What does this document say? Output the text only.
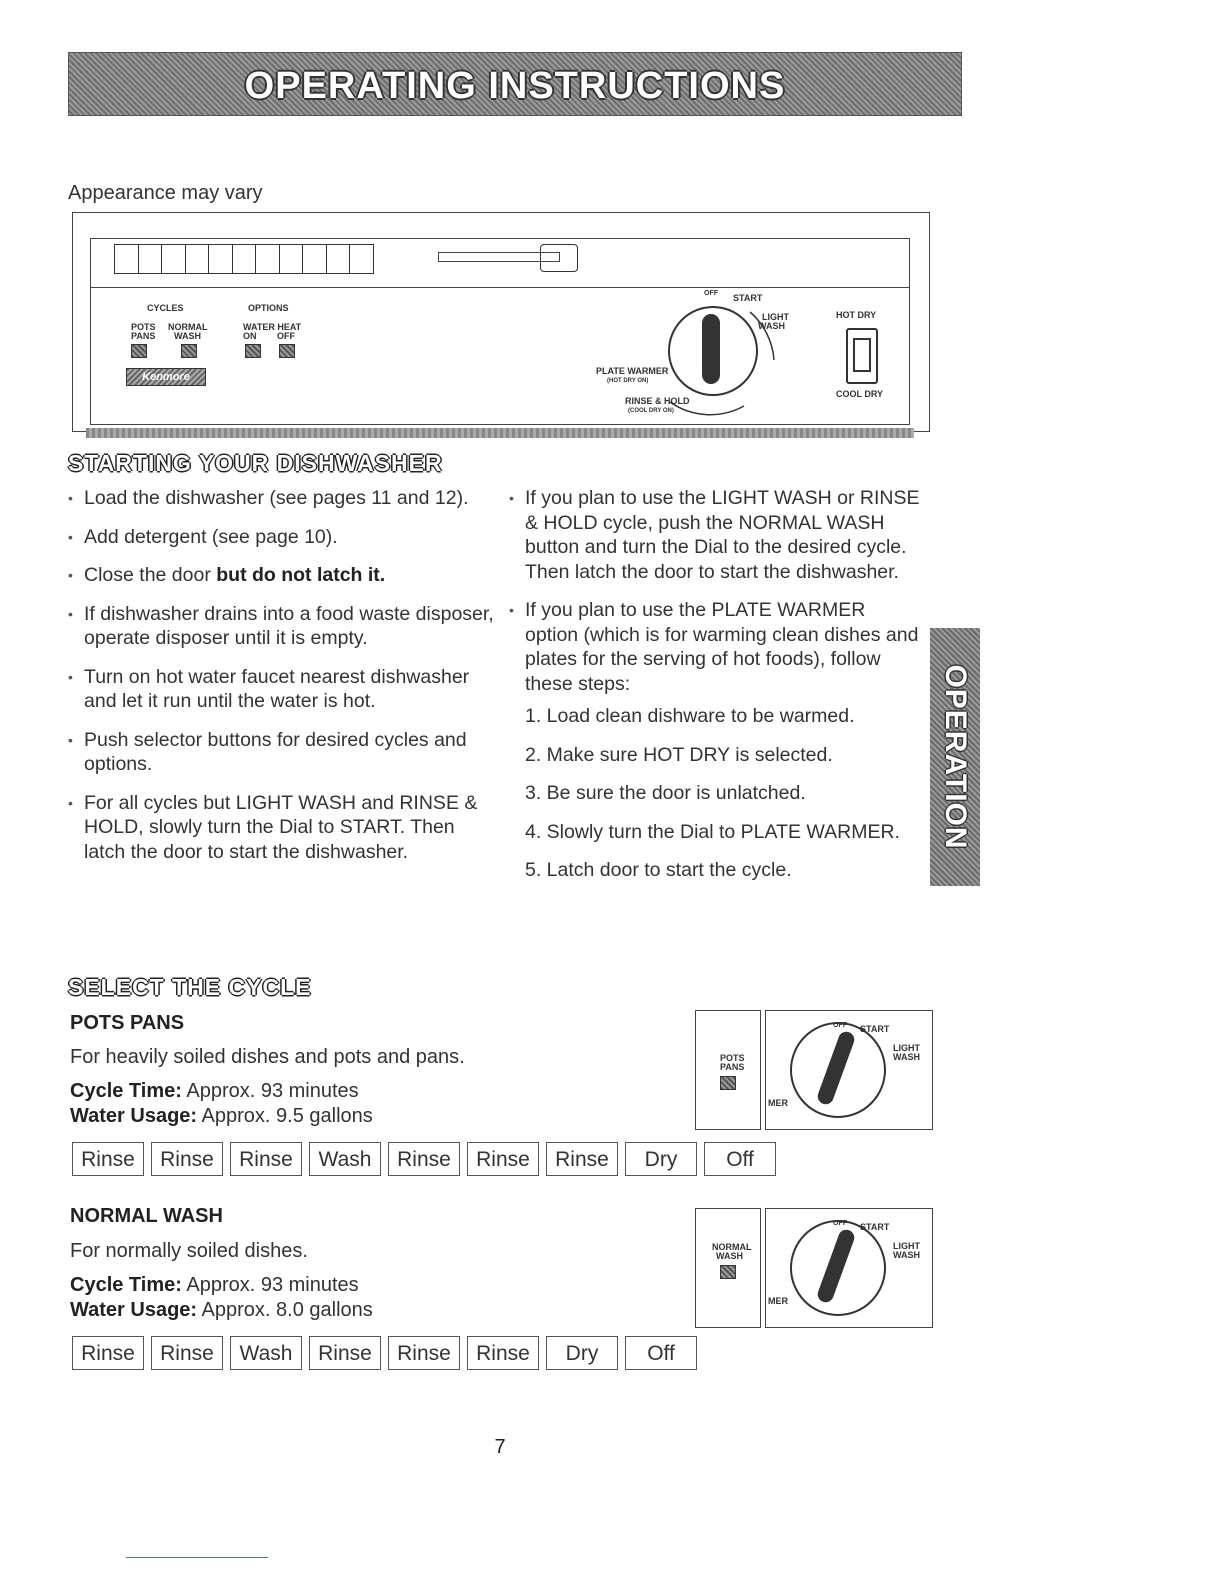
OPERATING INSTRUCTIONS
Appearance may vary
CYCLES	OPTIONS
POTS
PANS
NORMAL
WASH
WATER HEAT
ON OFF
Kenmore
OFF START
LIGHT
WASH
PLATE WARMER
(HOT DRY ON)
RINSE & HOLD
(COOL DRY ON)
HOT DRY
COOL DRY
STARTING YOUR DISHWASHER

• Load the dishwasher (see pages 11 and 12).

• Add detergent (see page 10).

• Close the door but do not latch it.

• If dishwasher drains into a food waste disposer, operate disposer until it is empty.

• Turn on hot water faucet nearest dishwasher and let it run until the water is hot.

• Push selector buttons for desired cycles and options.

• For all cycles but LIGHT WASH and RINSE & HOLD, slowly turn the Dial to START. Then latch the door to start the dishwasher.

• If you plan to use the LIGHT WASH or RINSE & HOLD cycle, push the NORMAL WASH button and turn the Dial to the desired cycle. Then latch the door to start the dishwasher.

• If you plan to use the PLATE WARMER option (which is for warming clean dishes and plates for the serving of hot foods), follow these steps:

1. Load clean dishware to be warmed.
2. Make sure HOT DRY is selected.
3. Be sure the door is unlatched.
4. Slowly turn the Dial to PLATE WARMER.
5. Latch door to start the cycle.
OPERATION
SELECT THE CYCLE
POTS PANS
For heavily soiled dishes and pots and pans.
Cycle Time: Approx. 93 minutes
Water Usage: Approx. 9.5 gallons
Rinse	Rinse	Rinse	Wash	Rinse	Rinse	Rinse	Dry	Off
POTS
PANS
OFF START
LIGHT
WASH
MER
NORMAL WASH
For normally soiled dishes.
Cycle Time: Approx. 93 minutes
Water Usage: Approx. 8.0 gallons
Rinse	Rinse	Wash	Rinse	Rinse	Rinse	Dry	Off
NORMAL
WASH
OFF START
LIGHT
WASH
MER
7
